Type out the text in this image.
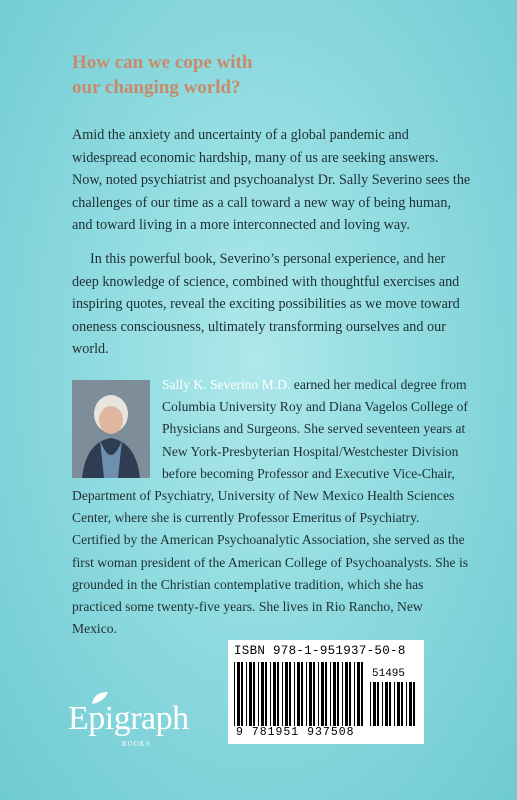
How can we cope with
our changing world?

Amid the anxiety and uncertainty of a global pandemic and widespread economic hardship, many of us are seeking answers. Now, noted psychiatrist and psychoanalyst Dr. Sally Severino sees the challenges of our time as a call toward a new way of being human, and toward living in a more interconnected and loving way.

In this powerful book, Severino’s personal experience, and her deep knowledge of science, combined with thoughtful exercises and inspiring quotes, reveal the exciting possibilities as we move toward oneness consciousness, ultimately transforming ourselves and our world.

Sally K. Severino M.D. earned her medical degree from Columbia University Roy and Diana Vagelos College of Physicians and Surgeons. She served seventeen years at New York-Presbyterian Hospital/Westchester Division before becoming Professor and Executive Vice-Chair, Department of Psychiatry, University of New Mexico Health Sciences Center, where she is currently Professor Emeritus of Psychiatry. Certified by the American Psychoanalytic Association, she served as the first woman president of the American College of Psychoanalysts. She is grounded in the Christian contemplative tradition, which she has practiced some twenty-five years. She lives in Rio Rancho, New Mexico.

Epigraph
BOOKS
ISBN 978-1-951937-50-8
51495
9 781951 937508
